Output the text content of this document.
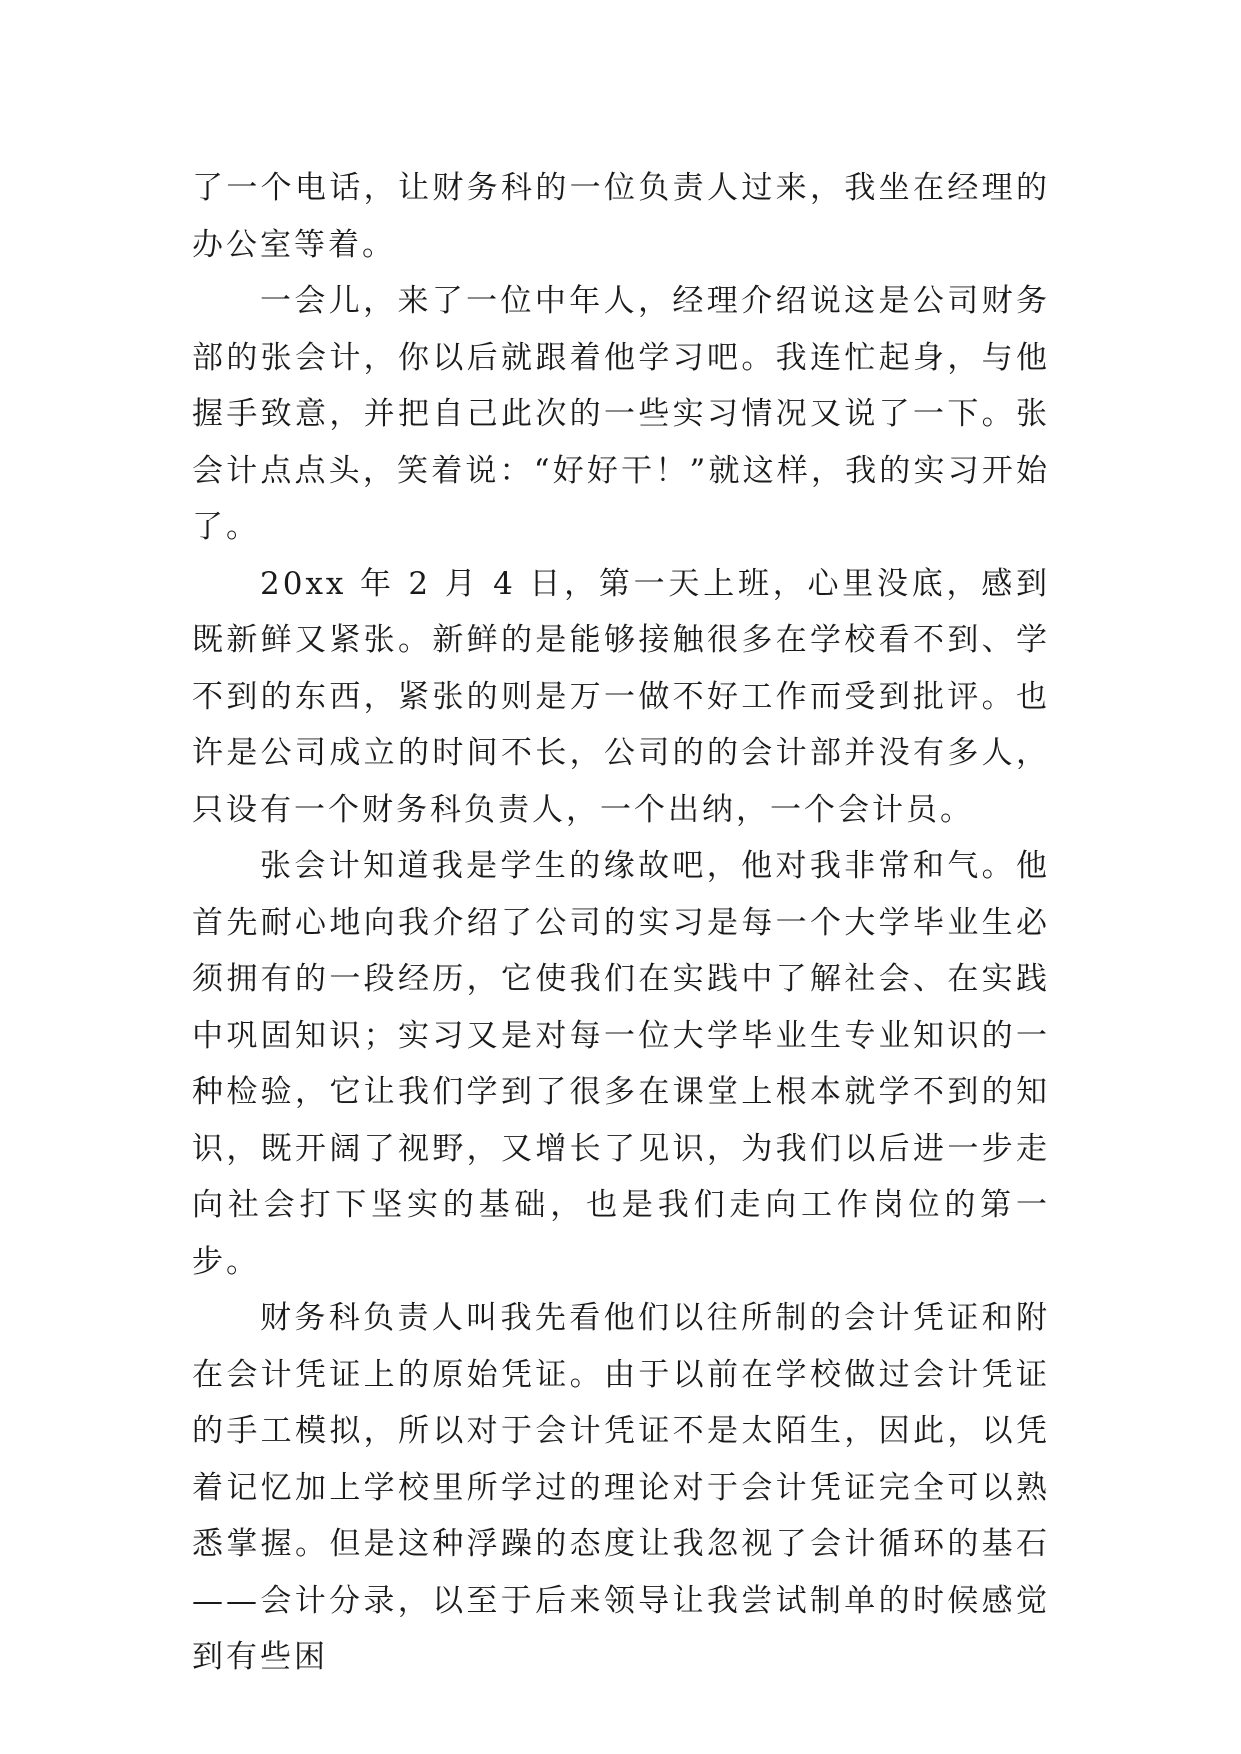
了一个电话，让财务科的一位负责人过来，我坐在经理的办公室等着。

一会儿，来了一位中年人，经理介绍说这是公司财务部的张会计，你以后就跟着他学习吧。我连忙起身，与他握手致意，并把自己此次的一些实习情况又说了一下。张会计点点头，笑着说：“好好干！”就这样，我的实习开始了。

20xx 年 2 月 4 日，第一天上班，心里没底，感到既新鲜又紧张。新鲜的是能够接触很多在学校看不到、学不到的东西，紧张的则是万一做不好工作而受到批评。也许是公司成立的时间不长，公司的的会计部并没有多人，只设有一个财务科负责人，一个出纳，一个会计员。

张会计知道我是学生的缘故吧，他对我非常和气。他首先耐心地向我介绍了公司的实习是每一个大学毕业生必须拥有的一段经历，它使我们在实践中了解社会、在实践中巩固知识；实习又是对每一位大学毕业生专业知识的一种检验，它让我们学到了很多在课堂上根本就学不到的知识，既开阔了视野，又增长了见识，为我们以后进一步走向社会打下坚实的基础，也是我们走向工作岗位的第一步。

财务科负责人叫我先看他们以往所制的会计凭证和附在会计凭证上的原始凭证。由于以前在学校做过会计凭证的手工模拟，所以对于会计凭证不是太陌生，因此，以凭着记忆加上学校里所学过的理论对于会计凭证完全可以熟悉掌握。但是这种浮躁的态度让我忽视了会计循环的基石——会计分录，以至于后来领导让我尝试制单的时候感觉到有些困
